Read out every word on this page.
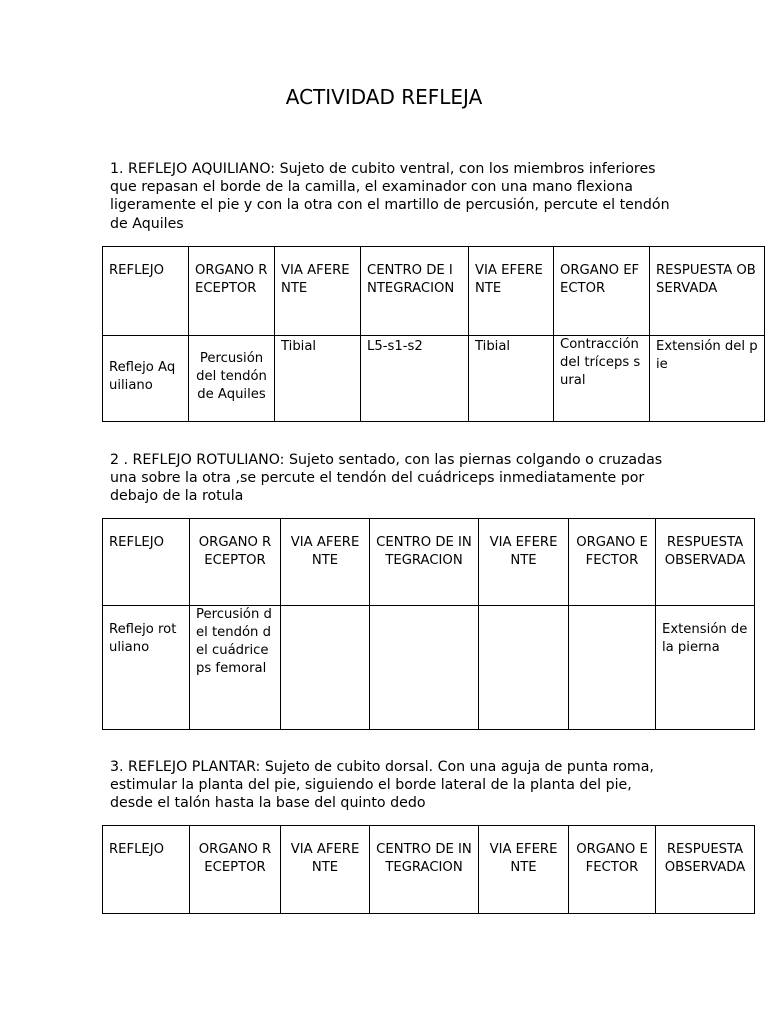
ACTIVIDAD REFLEJA

1. REFLEJO AQUILIANO: Sujeto de cubito ventral, con los miembros inferiores que repasan el borde de la camilla, el examinador con una mano flexiona ligeramente el pie y con la otra con el martillo de percusión, percute el tendón de Aquiles

REFLEJO	ORGANO RECEPTOR	VIA AFERENTE	CENTRO DE INTEGRACION	VIA EFERENTE	ORGANO EFECTOR	RESPUESTA OBSERVADA
Reflejo Aquiliano	Percusión del tendón de Aquiles	Tibial	L5-s1-s2	Tibial	Contracción del tríceps sural	Extensión del pie

2 . REFLEJO ROTULIANO: Sujeto sentado, con las piernas colgando o cruzadas una sobre la otra ,se percute el tendón del cuádriceps inmediatamente por debajo de la rotula

REFLEJO	ORGANO RECEPTOR	VIA AFERENTE	CENTRO DE INTEGRACION	VIA EFERENTE	ORGANO EFECTOR	RESPUESTA OBSERVADA
Reflejo rotuliano	Percusión del tendón del cuádriceps femoral					Extensión de la pierna

3. REFLEJO PLANTAR: Sujeto de cubito dorsal. Con una aguja de punta roma, estimular la planta del pie, siguiendo el borde lateral de la planta del pie, desde el talón hasta la base del quinto dedo

REFLEJO	ORGANO RECEPTOR	VIA AFERENTE	CENTRO DE INTEGRACION	VIA EFERENTE	ORGANO EFECTOR	RESPUESTA OBSERVADA
